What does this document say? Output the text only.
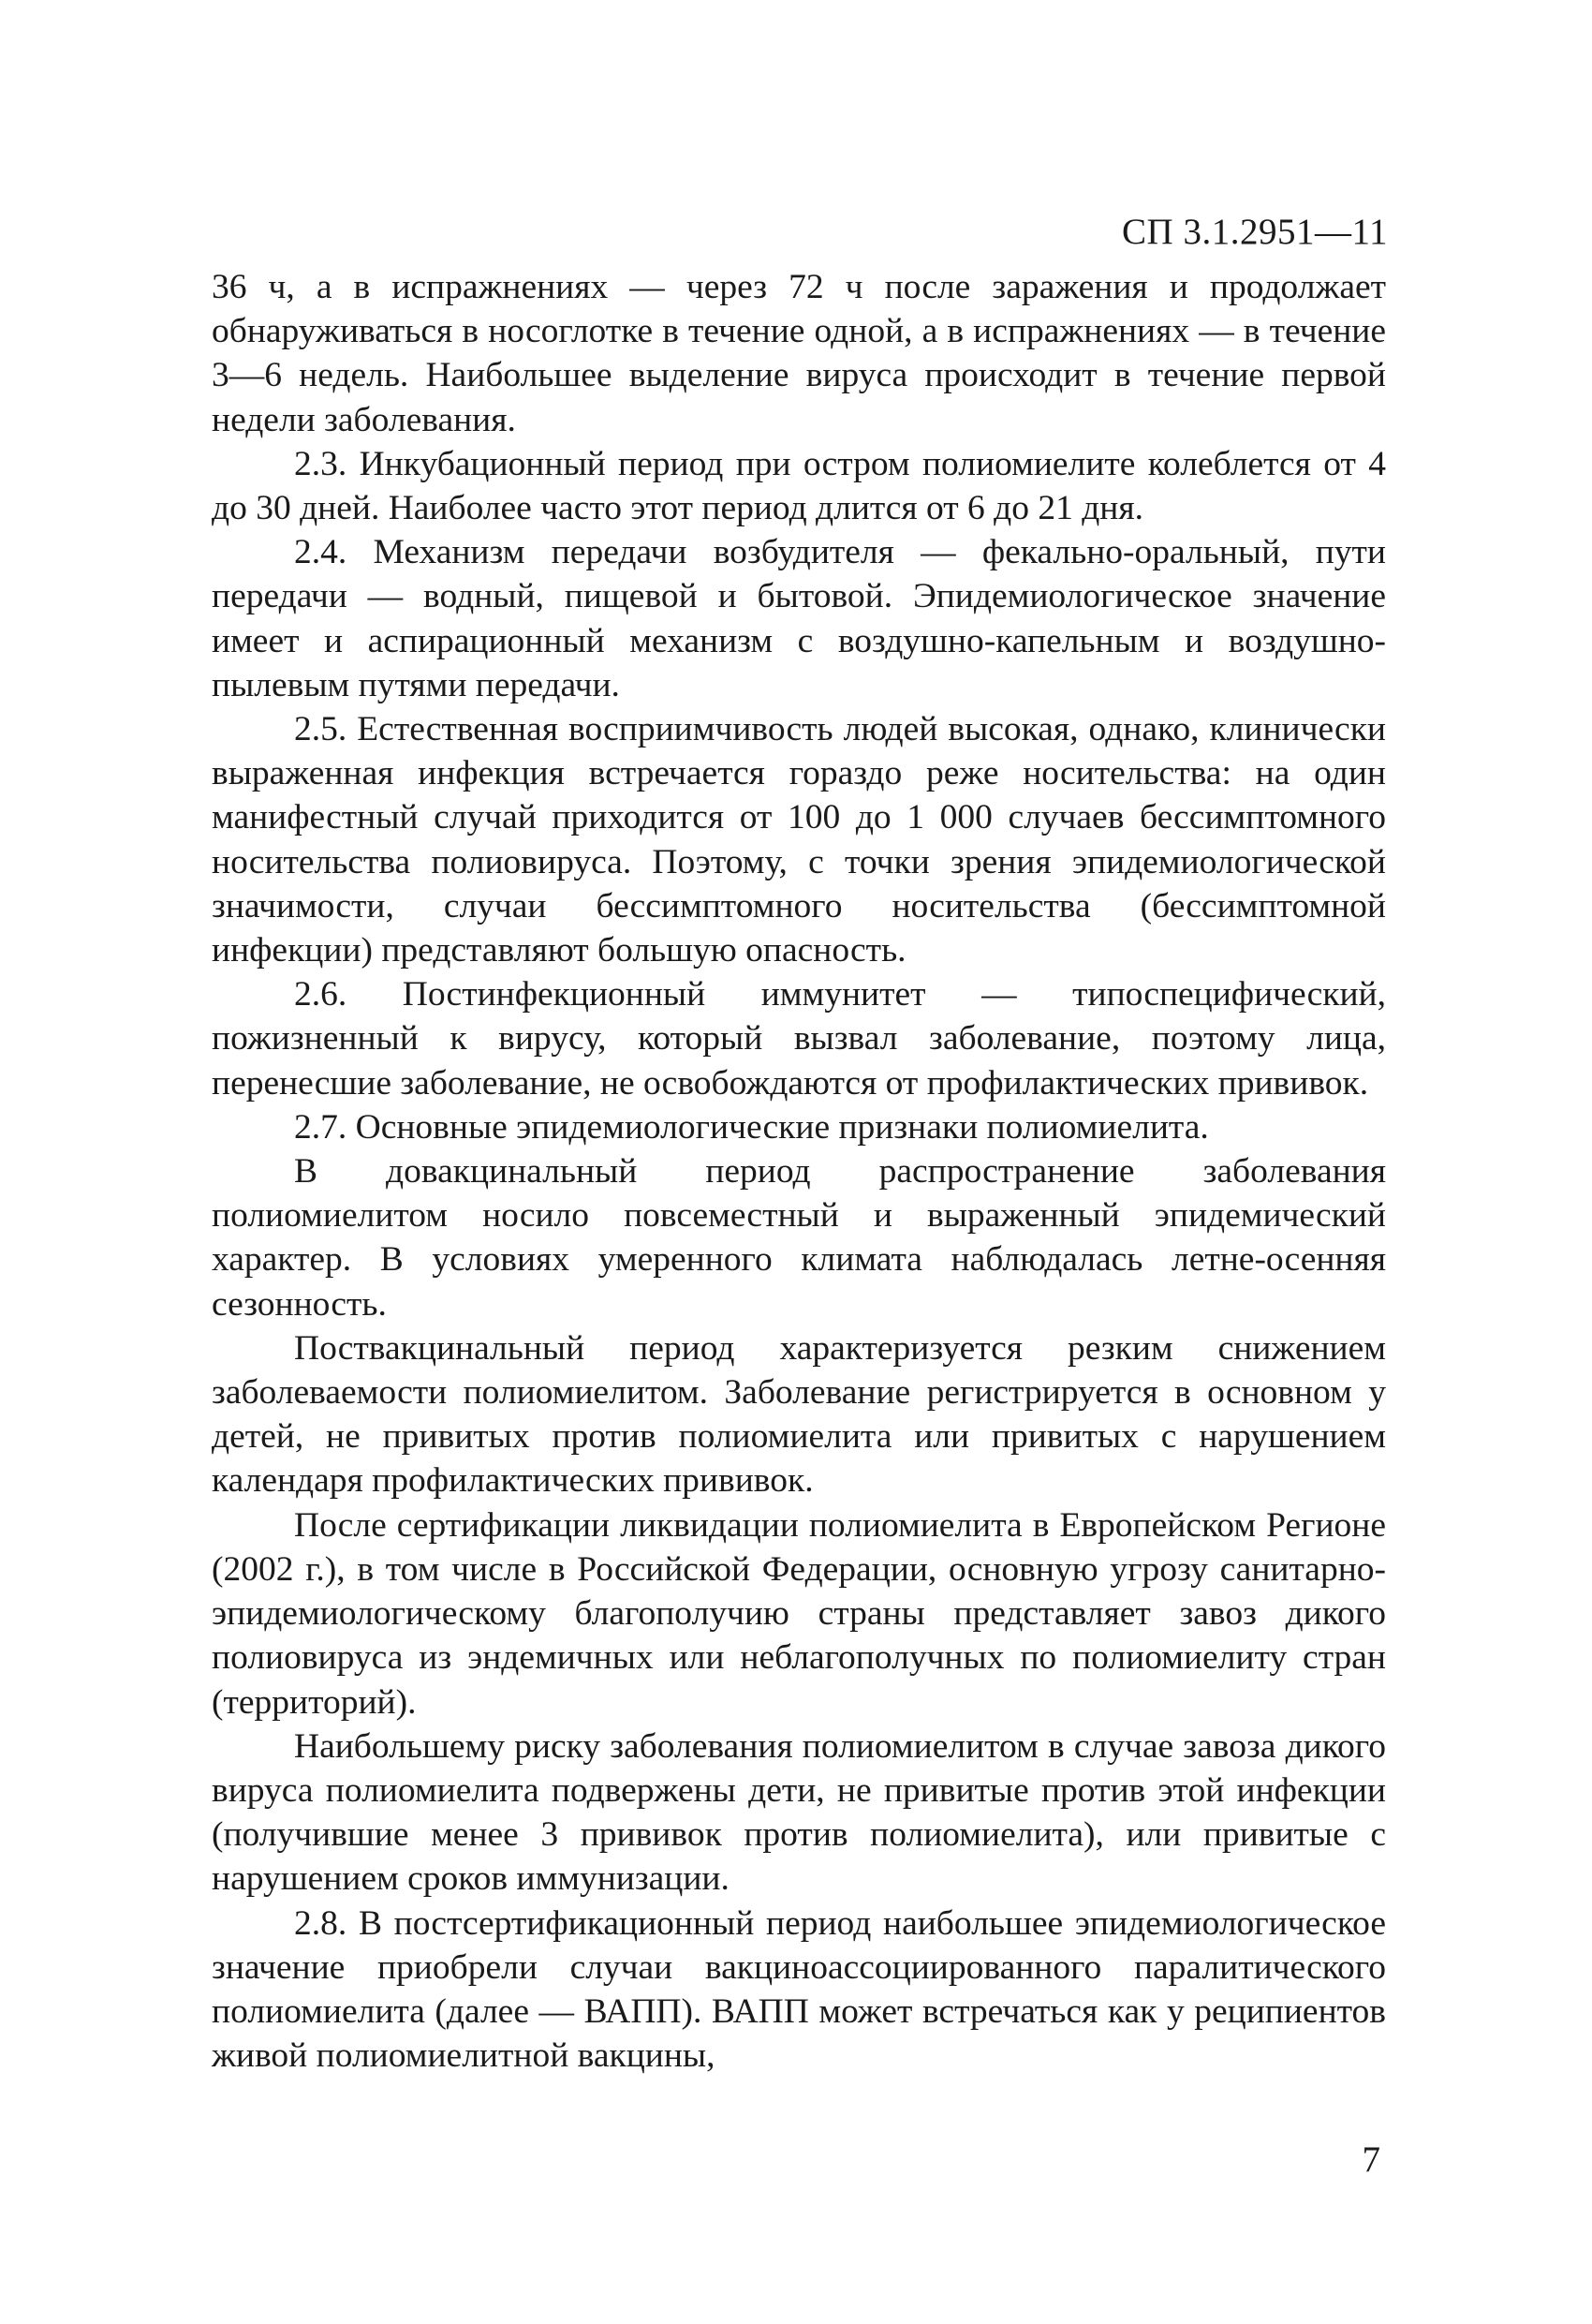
СП 3.1.2951—11

36 ч, а в испражнениях — через 72 ч после заражения и продолжает обнаруживаться в носоглотке в течение одной, а в испражнениях — в течение 3—6 недель. Наибольшее выделение вируса происходит в течение первой недели заболевания.

2.3. Инкубационный период при остром полиомиелите колеблется от 4 до 30 дней. Наиболее часто этот период длится от 6 до 21 дня.

2.4. Механизм передачи возбудителя — фекально-оральный, пути передачи — водный, пищевой и бытовой. Эпидемиологическое значение имеет и аспирационный механизм с воздушно-капельным и воздушно-пылевым путями передачи.

2.5. Естественная восприимчивость людей высокая, однако, клинически выраженная инфекция встречается гораздо реже носительства: на один манифестный случай приходится от 100 до 1 000 случаев бессимптомного носительства полиовируса. Поэтому, с точки зрения эпидемиологической значимости, случаи бессимптомного носительства (бессимптомной инфекции) представляют большую опасность.

2.6. Постинфекционный иммунитет — типоспецифический, пожизненный к вирусу, который вызвал заболевание, поэтому лица, перенесшие заболевание, не освобождаются от профилактических прививок.

2.7. Основные эпидемиологические признаки полиомиелита.

В довакцинальный период распространение заболевания полиомиелитом носило повсеместный и выраженный эпидемический характер. В условиях умеренного климата наблюдалась летне-осенняя сезонность.

Поствакцинальный период характеризуется резким снижением заболеваемости полиомиелитом. Заболевание регистрируется в основном у детей, не привитых против полиомиелита или привитых с нарушением календаря профилактических прививок.

После сертификации ликвидации полиомиелита в Европейском Регионе (2002 г.), в том числе в Российской Федерации, основную угрозу санитарно-эпидемиологическому благополучию страны представляет завоз дикого полиовируса из эндемичных или неблагополучных по полиомиелиту стран (территорий).

Наибольшему риску заболевания полиомиелитом в случае завоза дикого вируса полиомиелита подвержены дети, не привитые против этой инфекции (получившие менее 3 прививок против полиомиелита), или привитые с нарушением сроков иммунизации.

2.8. В постсертификационный период наибольшее эпидемиологическое значение приобрели случаи вакциноассоциированного паралитического полиомиелита (далее — ВАПП). ВАПП может встречаться как у реципиентов живой полиомиелитной вакцины,

7
